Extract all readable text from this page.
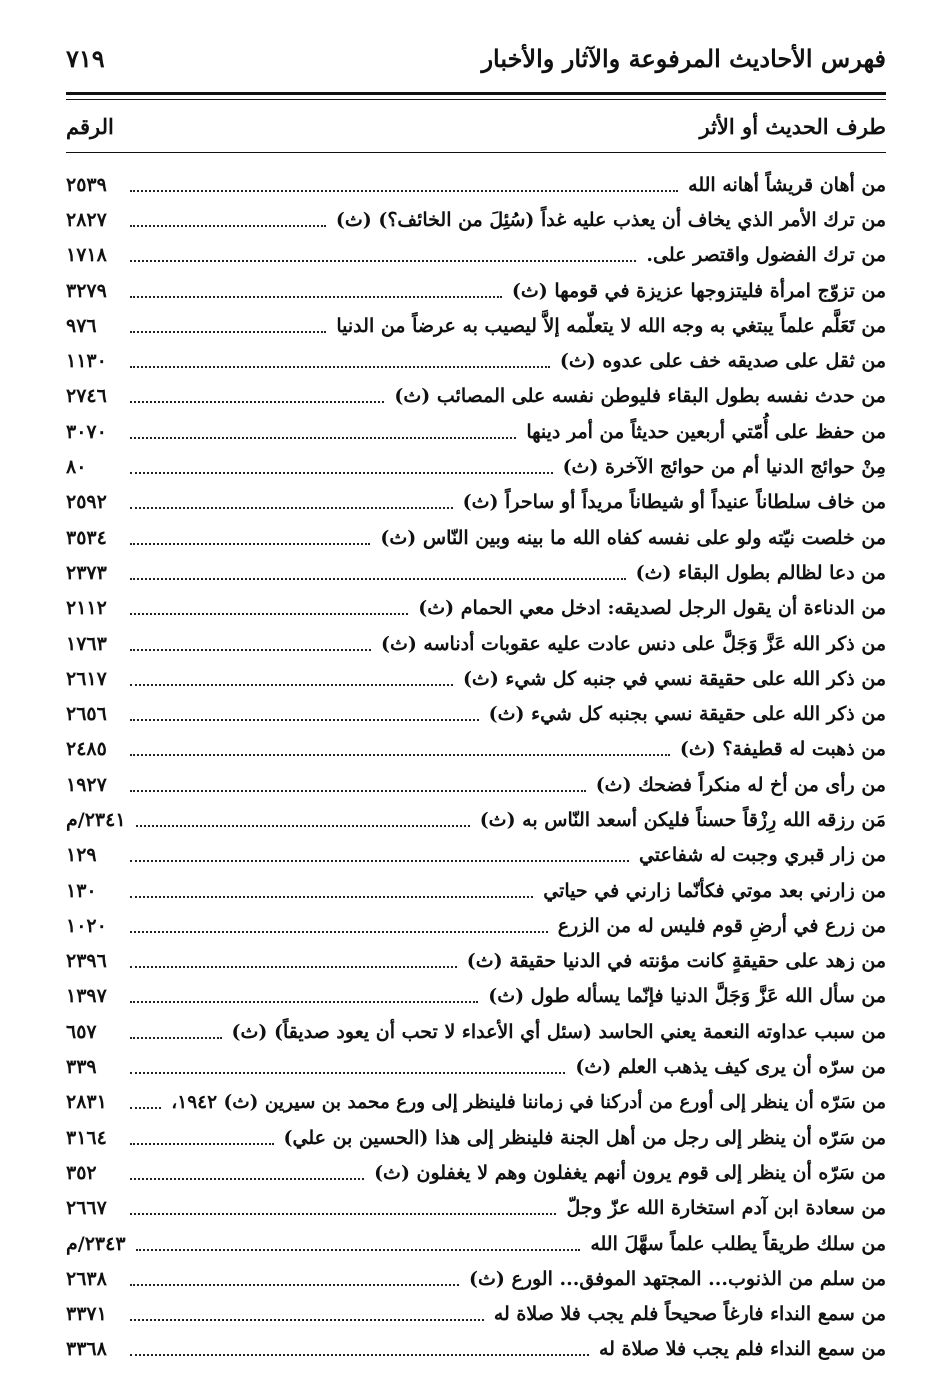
فهرس الأحاديث المرفوعة والآثار والأخبار
٧١٩
طرف الحديث أو الأثر
الرقم
من أهان قريشاً أهانه الله
٢٥٣٩
من ترك الأمر الذي يخاف أن يعذب عليه غداً (سُئِلَ من الخائف؟) (ث)
٢٨٢٧
من ترك الفضول واقتصر على.
١٧١٨
من تزوّج امرأة فليتزوجها عزيزة في قومها (ث)
٣٢٧٩
من تَعَلَّم علماً يبتغي به وجه الله لا يتعلّمه إلاَّ ليصيب به عرضاً من الدنيا
٩٧٦
من ثقل على صديقه خف على عدوه (ث)
١١٣٠
من حدث نفسه بطول البقاء فليوطن نفسه على المصائب (ث)
٢٧٤٦
من حفظ على أُمّتي أربعين حديثاً من أمر دينها
٣٠٧٠
مِنْ حوائج الدنيا أم من حوائج الآخرة (ث)
٨٠
من خاف سلطاناً عنيداً أو شيطاناً مريداً أو ساحراً (ث)
٢٥٩٢
من خلصت نيّته ولو على نفسه كفاه الله ما بينه وبين النّاس (ث)
٣٥٣٤
من دعا لظالم بطول البقاء (ث)
٢٣٧٣
من الدناءة أن يقول الرجل لصديقه: ادخل معي الحمام (ث)
٢١١٢
من ذكر الله عَزَّ وَجَلَّ على دنس عادت عليه عقوبات أدناسه (ث)
١٧٦٣
من ذكر الله على حقيقة نسي في جنبه كل شيء (ث)
٢٦١٧
من ذكر الله على حقيقة نسي بجنبه كل شيء (ث)
٢٦٥٦
من ذهبت له قطيفة؟ (ث)
٢٤٨٥
من رأى من أخ له منكراً فضحك (ث)
١٩٢٧
مَن رزقه الله رِزْقاً حسناً فليكن أسعد النّاس به (ث)
٢٣٤١/م
من زار قبري وجبت له شفاعتي
١٢٩
من زارني بعد موتي فكأنّما زارني في حياتي
١٣٠
من زرع في أرضِ قوم فليس له من الزرع
١٠٢٠
من زهد على حقيقةٍ كانت مؤنته في الدنيا حقيقة (ث)
٢٣٩٦
من سأل الله عَزَّ وَجَلَّ الدنيا فإنّما يسأله طول (ث)
١٣٩٧
من سبب عداوته النعمة يعني الحاسد (سئل أي الأعداء لا تحب أن يعود صديقاً) (ث)
٦٥٧
من سرّه أن يرى كيف يذهب العلم (ث)
٣٣٩
من سَرّه أن ينظر إلى أورع من أدركنا في زماننا فلينظر إلى ورع محمد بن سيرين (ث) ١٩٤٢،
٢٨٣١
من سَرّه أن ينظر إلى رجل من أهل الجنة فلينظر إلى هذا (الحسين بن علي)
٣١٦٤
من سَرّه أن ينظر إلى قوم يرون أنهم يغفلون وهم لا يغفلون (ث)
٣٥٢
من سعادة ابن آدم استخارة الله عزّ وجلّ
٢٦٦٧
من سلك طريقاً يطلب علماً سهَّلَ الله
٢٣٤٣/م
من سلم من الذنوب... المجتهد الموفق... الورع (ث)
٢٦٣٨
من سمع النداء فارغاً صحيحاً فلم يجب فلا صلاة له
٣٣٧١
من سمع النداء فلم يجب فلا صلاة له
٣٣٦٨
